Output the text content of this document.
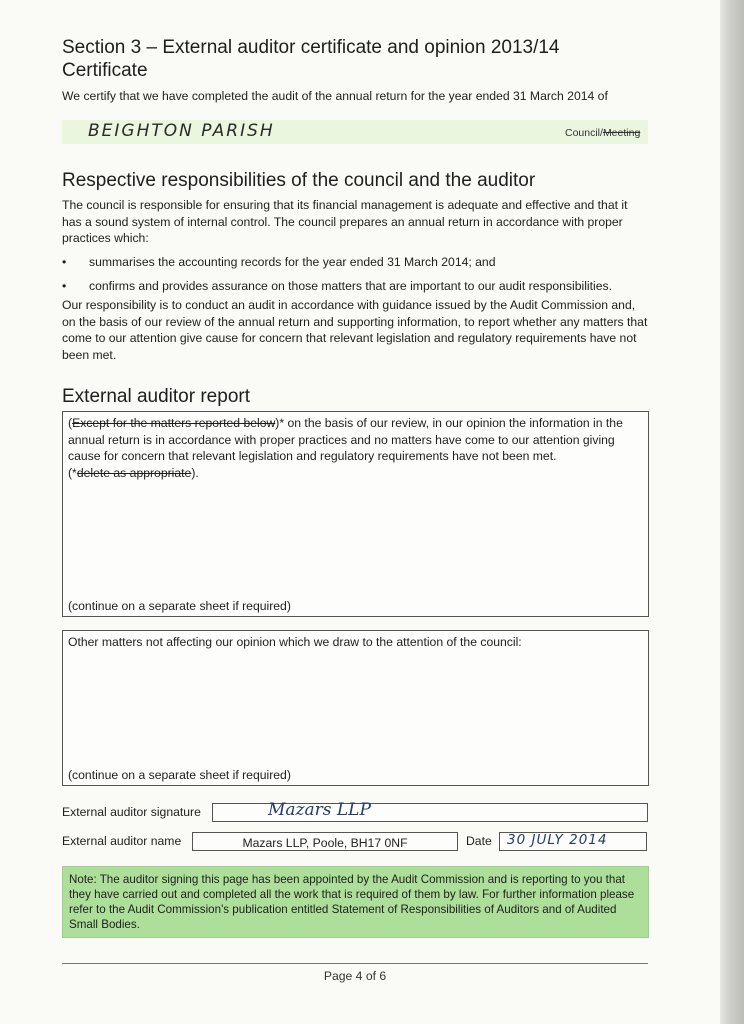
Section 3 – External auditor certificate and opinion 2013/14
Certificate

We certify that we have completed the audit of the annual return for the year ended 31 March 2014 of

BEIGHTON PARISH	Council/Meeting
Respective responsibilities of the council and the auditor

The council is responsible for ensuring that its financial management is adequate and effective and that it has a sound system of internal control. The council prepares an annual return in accordance with proper practices which:

• summarises the accounting records for the year ended 31 March 2014; and
• confirms and provides assurance on those matters that are important to our audit responsibilities.

Our responsibility is to conduct an audit in accordance with guidance issued by the Audit Commission and, on the basis of our review of the annual return and supporting information, to report whether any matters that come to our attention give cause for concern that relevant legislation and regulatory requirements have not been met.

External auditor report
(Except for the matters reported below)* on the basis of our review, in our opinion the information in the annual return is in accordance with proper practices and no matters have come to our attention giving cause for concern that relevant legislation and regulatory requirements have not been met.
(*delete as appropriate).
(continue on a separate sheet if required)
Other matters not affecting our opinion which we draw to the attention of the council:
(continue on a separate sheet if required)
External auditor signature	Mazars LLP
External auditor name	Mazars LLP, Poole, BH17 0NF	Date 30 JULY 2014

Note: The auditor signing this page has been appointed by the Audit Commission and is reporting to you that they have carried out and completed all the work that is required of them by law. For further information please refer to the Audit Commission's publication entitled Statement of Responsibilities of Auditors and of Audited Small Bodies.

Page 4 of 6
